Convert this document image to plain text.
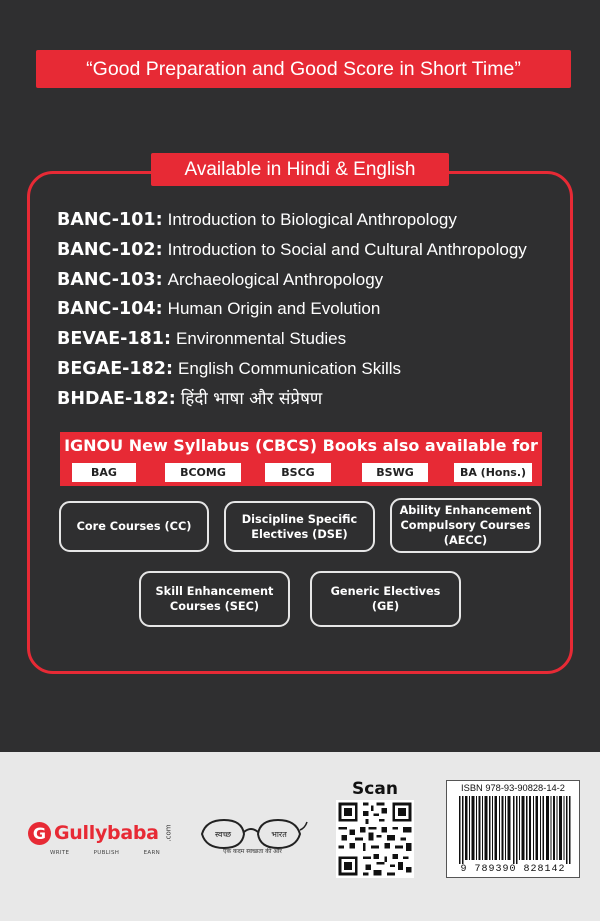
“Good Preparation and Good Score in Short Time”
Available in Hindi & English
BANC-101: Introduction to Biological Anthropology
BANC-102: Introduction to Social and Cultural Anthropology
BANC-103: Archaeological Anthropology
BANC-104: Human Origin and Evolution
BEVAE-181: Environmental Studies
BEGAE-182: English Communication Skills
BHDAE-182: हिंदी भाषा और संप्रेषण
IGNOU New Syllabus (CBCS) Books also available for
BAG	BCOMG	BSCG	BSWG	BA (Hons.)
Core Courses (CC)
Discipline Specific
Electives (DSE)
Ability Enhancement
Compulsory Courses
(AECC)
Skill Enhancement
Courses (SEC)
Generic Electives
(GE)
G Gullybaba .com
WRITE	PUBLISH	EARN
स्वच्छ	भारत
एक कदम स्वच्छता की ओर
Scan	ISBN 978-93-90828-14-2
9 789390 828142
